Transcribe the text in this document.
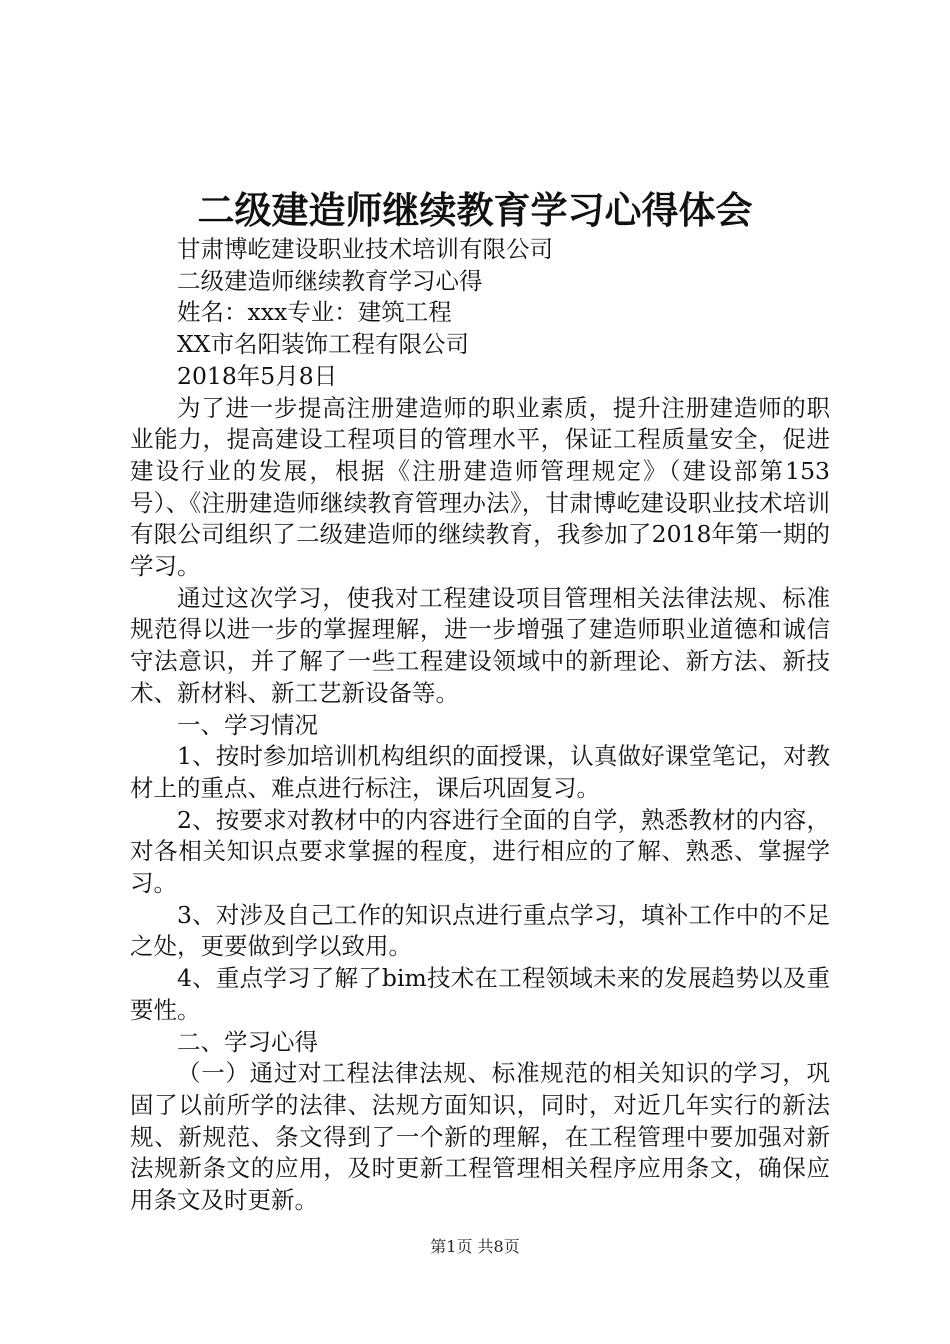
二级建造师继续教育学习心得体会

甘肃博屹建设职业技术培训有限公司

二级建造师继续教育学习心得

姓名：xxx专业：建筑工程

XX市名阳装饰工程有限公司

2018年5月8日

为了进一步提高注册建造师的职业素质，提升注册建造师的职业能力，提高建设工程项目的管理水平，保证工程质量安全，促进建设行业的发展，根据《注册建造师管理规定》（建设部第153号）、《注册建造师继续教育管理办法》，甘肃博屹建设职业技术培训有限公司组织了二级建造师的继续教育，我参加了2018年第一期的学习。

通过这次学习，使我对工程建设项目管理相关法律法规、标准规范得以进一步的掌握理解，进一步增强了建造师职业道德和诚信守法意识，并了解了一些工程建设领域中的新理论、新方法、新技术、新材料、新工艺新设备等。

一、学习情况

1、按时参加培训机构组织的面授课，认真做好课堂笔记，对教材上的重点、难点进行标注，课后巩固复习。

2、按要求对教材中的内容进行全面的自学，熟悉教材的内容，对各相关知识点要求掌握的程度，进行相应的了解、熟悉、掌握学习。

3、对涉及自己工作的知识点进行重点学习，填补工作中的不足之处，更要做到学以致用。

4、重点学习了解了bim技术在工程领域未来的发展趋势以及重要性。

二、学习心得

（一）通过对工程法律法规、标准规范的相关知识的学习，巩固了以前所学的法律、法规方面知识，同时，对近几年实行的新法规、新规范、条文得到了一个新的理解，在工程管理中要加强对新法规新条文的应用，及时更新工程管理相关程序应用条文，确保应用条文及时更新。

第1页 共8页
